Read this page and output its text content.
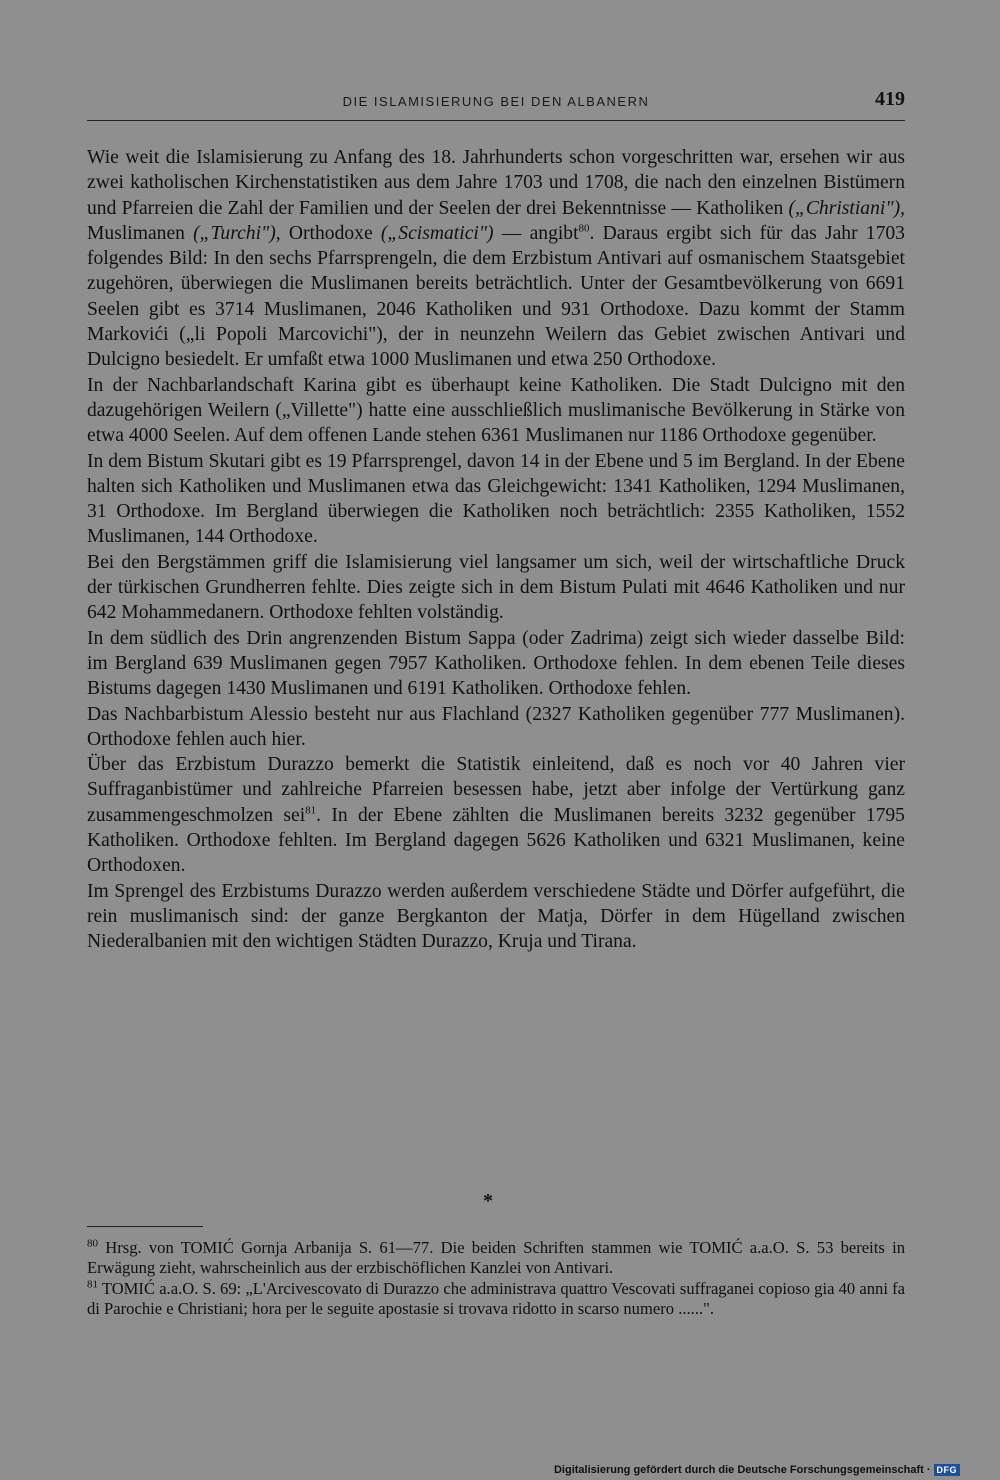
DIE ISLAMISIERUNG BEI DEN ALBANERN	419

Wie weit die Islamisierung zu Anfang des 18. Jahrhunderts schon vorgeschritten war, ersehen wir aus zwei katholischen Kirchenstatistiken aus dem Jahre 1703 und 1708, die nach den einzelnen Bistümern und Pfarreien die Zahl der Familien und der Seelen der drei Bekenntnisse — Katholiken („Christiani"), Muslimanen („Turchi"), Orthodoxe („Scismatici") — angibt$^{80}$. Daraus ergibt sich für das Jahr 1703 folgendes Bild: In den sechs Pfarrsprengeln, die dem Erzbistum Antivari auf osmanischem Staatsgebiet zugehören, überwiegen die Muslimanen bereits beträchtlich. Unter der Gesamtbevölkerung von 6691 Seelen gibt es 3714 Muslimanen, 2046 Katholiken und 931 Orthodoxe. Dazu kommt der Stamm Markovići („li Popoli Marcovichi"), der in neunzehn Weilern das Gebiet zwischen Antivari und Dulcigno besiedelt. Er umfaßt etwa 1000 Muslimanen und etwa 250 Orthodoxe.

In der Nachbarlandschaft Karina gibt es überhaupt keine Katholiken. Die Stadt Dulcigno mit den dazugehörigen Weilern („Villette") hatte eine ausschließlich muslimanische Bevölkerung in Stärke von etwa 4000 Seelen. Auf dem offenen Lande stehen 6361 Muslimanen nur 1186 Orthodoxe gegenüber.

In dem Bistum Skutari gibt es 19 Pfarrsprengel, davon 14 in der Ebene und 5 im Bergland. In der Ebene halten sich Katholiken und Muslimanen etwa das Gleichgewicht: 1341 Katholiken, 1294 Muslimanen, 31 Orthodoxe. Im Bergland überwiegen die Katholiken noch beträchtlich: 2355 Katholiken, 1552 Muslimanen, 144 Orthodoxe.

Bei den Bergstämmen griff die Islamisierung viel langsamer um sich, weil der wirtschaftliche Druck der türkischen Grundherren fehlte. Dies zeigte sich in dem Bistum Pulati mit 4646 Katholiken und nur 642 Mohammedanern. Orthodoxe fehlten volständig.

In dem südlich des Drin angrenzenden Bistum Sappa (oder Zadrima) zeigt sich wieder dasselbe Bild: im Bergland 639 Muslimanen gegen 7957 Katholiken. Orthodoxe fehlen. In dem ebenen Teile dieses Bistums dagegen 1430 Muslimanen und 6191 Katholiken. Orthodoxe fehlen.

Das Nachbarbistum Alessio besteht nur aus Flachland (2327 Katholiken gegenüber 777 Muslimanen). Orthodoxe fehlen auch hier.

Über das Erzbistum Durazzo bemerkt die Statistik einleitend, daß es noch vor 40 Jahren vier Suffraganbistümer und zahlreiche Pfarreien besessen habe, jetzt aber infolge der Vertürkung ganz zusammengeschmolzen sei$^{81}$. In der Ebene zählten die Muslimanen bereits 3232 gegenüber 1795 Katholiken. Orthodoxe fehlten. Im Bergland dagegen 5626 Katholiken und 6321 Muslimanen, keine Orthodoxen.

Im Sprengel des Erzbistums Durazzo werden außerdem verschiedene Städte und Dörfer aufgeführt, die rein muslimanisch sind: der ganze Bergkanton der Matja, Dörfer in dem Hügelland zwischen Niederalbanien mit den wichtigen Städten Durazzo, Kruja und Tirana.

*

$^{80}$ Hrsg. von TOMIĆ Gornja Arbanija S. 61—77. Die beiden Schriften stammen wie TOMIĆ a.a.O. S. 53 bereits in Erwägung zieht, wahrscheinlich aus der erzbischöflichen Kanzlei von Antivari.

$^{81}$ TOMIĆ a.a.O. S. 69: „L'Arcivescovato di Durazzo che administrava quattro Vescovati suffraganei copioso gia 40 anni fa di Parochie e Christiani; hora per le seguite apostasie si trovava ridotto in scarso numero ......".

Digitalisierung gefördert durch die Deutsche Forschungsgemeinschaft · DFG
